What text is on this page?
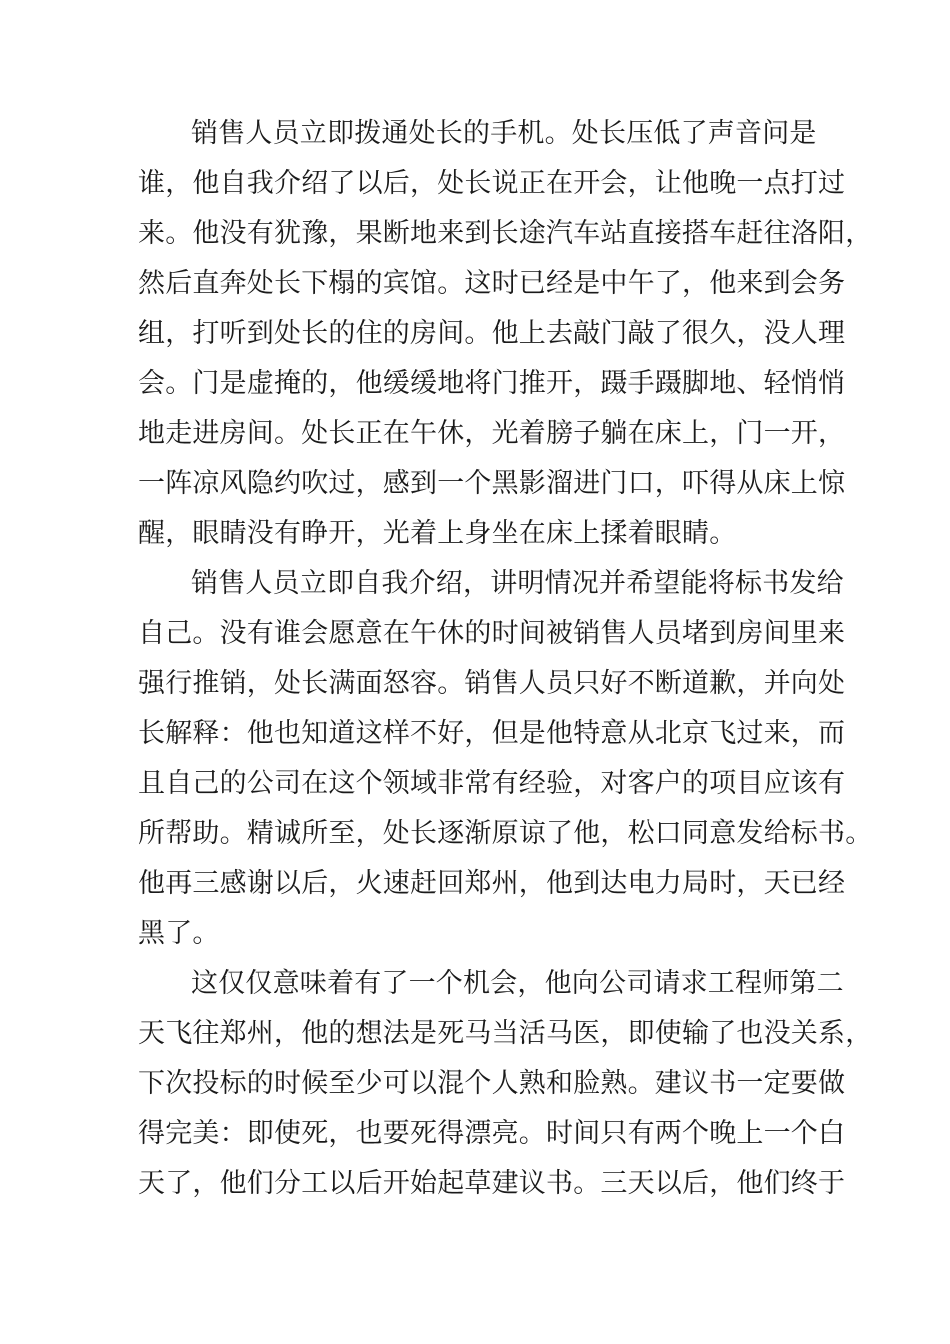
销售人员立即拨通处长的手机。处长压低了声音问是
谁，他自我介绍了以后，处长说正在开会，让他晚一点打过
来。他没有犹豫，果断地来到长途汽车站直接搭车赶往洛阳，
然后直奔处长下榻的宾馆。这时已经是中午了，他来到会务
组，打听到处长的住的房间。他上去敲门敲了很久，没人理
会。门是虚掩的，他缓缓地将门推开，蹑手蹑脚地、轻悄悄
地走进房间。处长正在午休，光着膀子躺在床上，门一开，
一阵凉风隐约吹过，感到一个黑影溜进门口，吓得从床上惊
醒，眼睛没有睁开，光着上身坐在床上揉着眼睛。
销售人员立即自我介绍，讲明情况并希望能将标书发给
自己。没有谁会愿意在午休的时间被销售人员堵到房间里来
强行推销，处长满面怒容。销售人员只好不断道歉，并向处
长解释：他也知道这样不好，但是他特意从北京飞过来，而
且自己的公司在这个领域非常有经验，对客户的项目应该有
所帮助。精诚所至，处长逐渐原谅了他，松口同意发给标书。
他再三感谢以后，火速赶回郑州，他到达电力局时，天已经
黑了。
这仅仅意味着有了一个机会，他向公司请求工程师第二
天飞往郑州，他的想法是死马当活马医，即使输了也没关系，
下次投标的时候至少可以混个人熟和脸熟。建议书一定要做
得完美：即使死，也要死得漂亮。时间只有两个晚上一个白
天了，他们分工以后开始起草建议书。三天以后，他们终于
